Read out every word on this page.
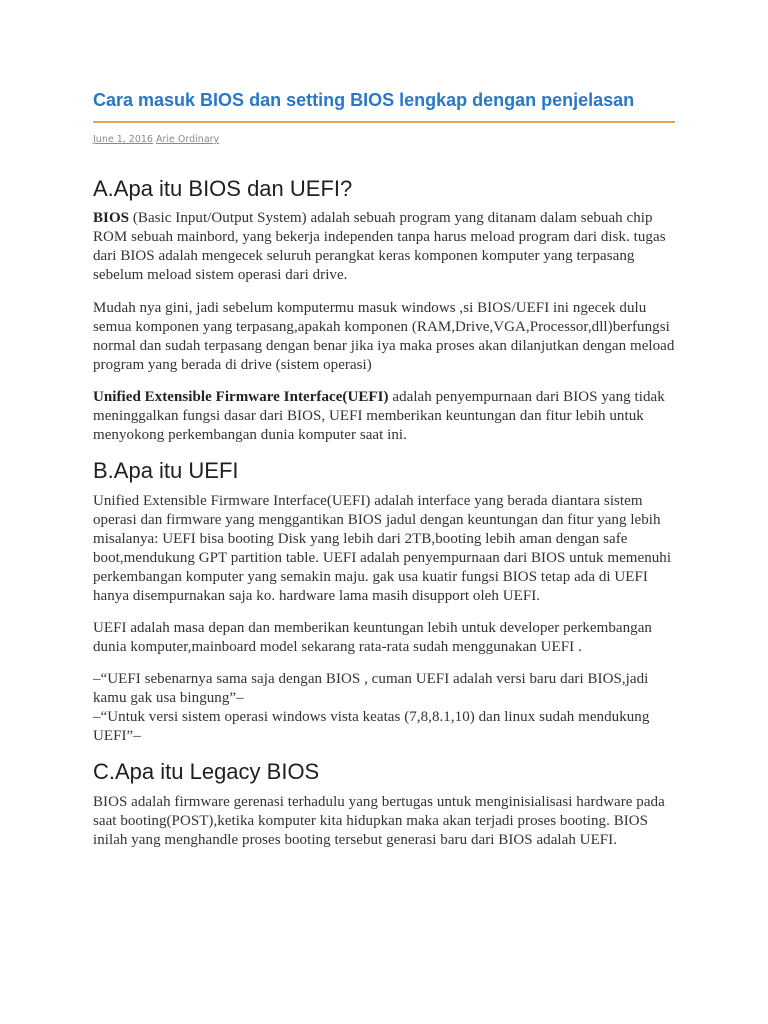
Cara masuk BIOS dan setting BIOS lengkap dengan penjelasan
June 1, 2016 Arie Ordinary
A.Apa itu BIOS dan UEFI?

BIOS (Basic Input/Output System) adalah sebuah program yang ditanam dalam sebuah chip ROM sebuah mainbord, yang bekerja independen tanpa harus meload program dari disk. tugas dari BIOS adalah mengecek seluruh perangkat keras komponen komputer yang terpasang sebelum meload sistem operasi dari drive.

Mudah nya gini, jadi sebelum komputermu masuk windows ,si BIOS/UEFI ini ngecek dulu semua komponen yang terpasang,apakah komponen (RAM,Drive,VGA,Processor,dll)berfungsi normal dan sudah terpasang dengan benar jika iya maka proses akan dilanjutkan dengan meload program yang berada di drive (sistem operasi)

Unified Extensible Firmware Interface(UEFI) adalah penyempurnaan dari BIOS yang tidak meninggalkan fungsi dasar dari BIOS, UEFI memberikan keuntungan dan fitur lebih untuk menyokong perkembangan dunia komputer saat ini.

B.Apa itu UEFI

Unified Extensible Firmware Interface(UEFI) adalah interface yang berada diantara sistem operasi dan firmware yang menggantikan BIOS jadul dengan keuntungan dan fitur yang lebih misalanya: UEFI bisa booting Disk yang lebih dari 2TB,booting lebih aman dengan safe boot,mendukung GPT partition table. UEFI adalah penyempurnaan dari BIOS untuk memenuhi perkembangan komputer yang semakin maju. gak usa kuatir fungsi BIOS tetap ada di UEFI hanya disempurnakan saja ko. hardware lama masih disupport oleh UEFI.

UEFI adalah masa depan dan memberikan keuntungan lebih untuk developer perkembangan dunia komputer,mainboard model sekarang rata-rata sudah menggunakan UEFI .

–“UEFI sebenarnya sama saja dengan BIOS , cuman UEFI adalah versi baru dari BIOS,jadi kamu gak usa bingung”–
–“Untuk versi sistem operasi windows vista keatas (7,8,8.1,10) dan linux sudah mendukung UEFI”–

C.Apa itu Legacy BIOS

BIOS adalah firmware gerenasi terhadulu yang bertugas untuk menginisialisasi hardware pada saat booting(POST),ketika komputer kita hidupkan maka akan terjadi proses booting. BIOS inilah yang menghandle proses booting tersebut generasi baru dari BIOS adalah UEFI.
